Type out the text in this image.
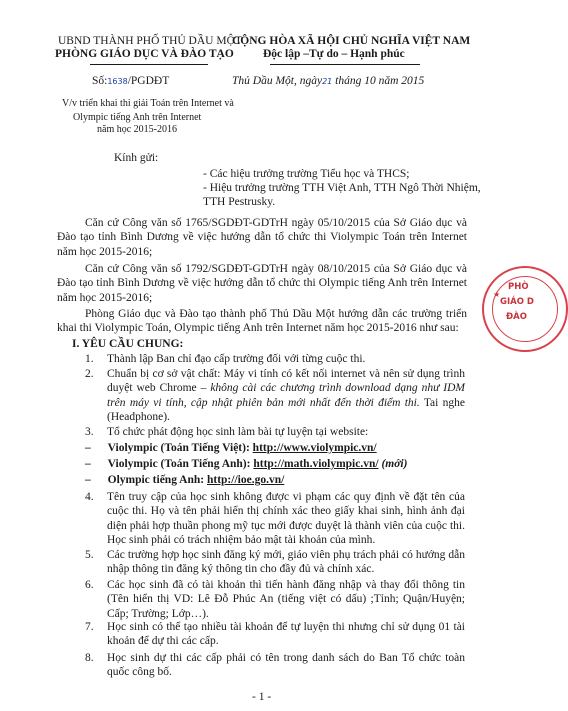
UBND THÀNH PHỐ THỦ DẦU MỘT
PHÒNG GIÁO DỤC VÀ ĐÀO TẠO
CỘNG HÒA XÃ HỘI CHỦ NGHĨA VIỆT NAM
Độc lập –Tự do – Hạnh phúc
Số:1638/PGDĐT	Thủ Dầu Một, ngày21 tháng 10 năm 2015
V/v triển khai thi giải Toán trên Internet và
Olympic tiếng Anh trên Internet
năm học 2015-2016
Kính gửi:
- Các hiệu trưởng trường Tiểu học và THCS;
- Hiệu trưởng trường TTH Việt Anh, TTH Ngô Thời Nhiệm,
TTH Pestrusky.
Căn cứ Công văn số 1765/SGDĐT-GDTrH ngày 05/10/2015 của Sở Giáo dục và Đào tạo tỉnh Bình Dương về việc hướng dẫn tổ chức thi Violympic Toán trên Internet năm học 2015-2016;
Căn cứ Công văn số 1792/SGDĐT-GDTrH ngày 08/10/2015 của Sở Giáo dục và Đào tạo tỉnh Bình Dương về việc hướng dẫn tổ chức thi Olympic tiếng Anh trên Internet năm học 2015-2016;
Phòng Giáo dục và Đào tạo thành phố Thủ Dầu Một hướng dẫn các trường triển khai thi Violympic Toán, Olympic tiếng Anh trên Internet năm học 2015-2016 như sau:
I. YÊU CẦU CHUNG:
1. Thành lập Ban chỉ đạo cấp trường đối với từng cuộc thi.
2. Chuẩn bị cơ sở vật chất: Máy vi tính có kết nối internet và nên sử dụng trình duyệt web Chrome – không cài các chương trình download dạng như IDM trên máy vi tính, cập nhật phiên bản mới nhất đến thời điểm thi. Tai nghe (Headphone).
3. Tổ chức phát động học sinh làm bài tự luyện tại website:
– Violympic (Toán Tiếng Việt): http://www.violympic.vn/
– Violympic (Toán Tiếng Anh): http://math.violympic.vn/ (mới)
– Olympic tiếng Anh: http://ioe.go.vn/
4. Tên truy cập của học sinh không được vi phạm các quy định về đặt tên của cuộc thi. Họ và tên phải hiển thị chính xác theo giấy khai sinh, hình ảnh đại diện phải hợp thuần phong mỹ tục mới được duyệt là thành viên của cuộc thi. Học sinh phải có trách nhiệm bảo mật tài khoản của mình.
5. Các trường hợp học sinh đăng ký mới, giáo viên phụ trách phải có hướng dẫn nhập thông tin đăng ký thông tin cho đầy đủ và chính xác.
6. Các học sinh đã có tài khoản thì tiến hành đăng nhập và thay đổi thông tin (Tên hiển thị VD: Lê Đỗ Phúc An (tiếng việt có dấu) ;Tỉnh; Quận/Huyện; Cấp; Trường; Lớp…).
7. Học sinh có thể tạo nhiều tài khoản để tự luyện thi nhưng chỉ sử dụng 01 tài khoản để dự thi các cấp.
8. Học sinh dự thi các cấp phải có tên trong danh sách do Ban Tổ chức toàn quốc công bố.
- 1 -
★
PHÒ
GIÁO D
ĐÀO
